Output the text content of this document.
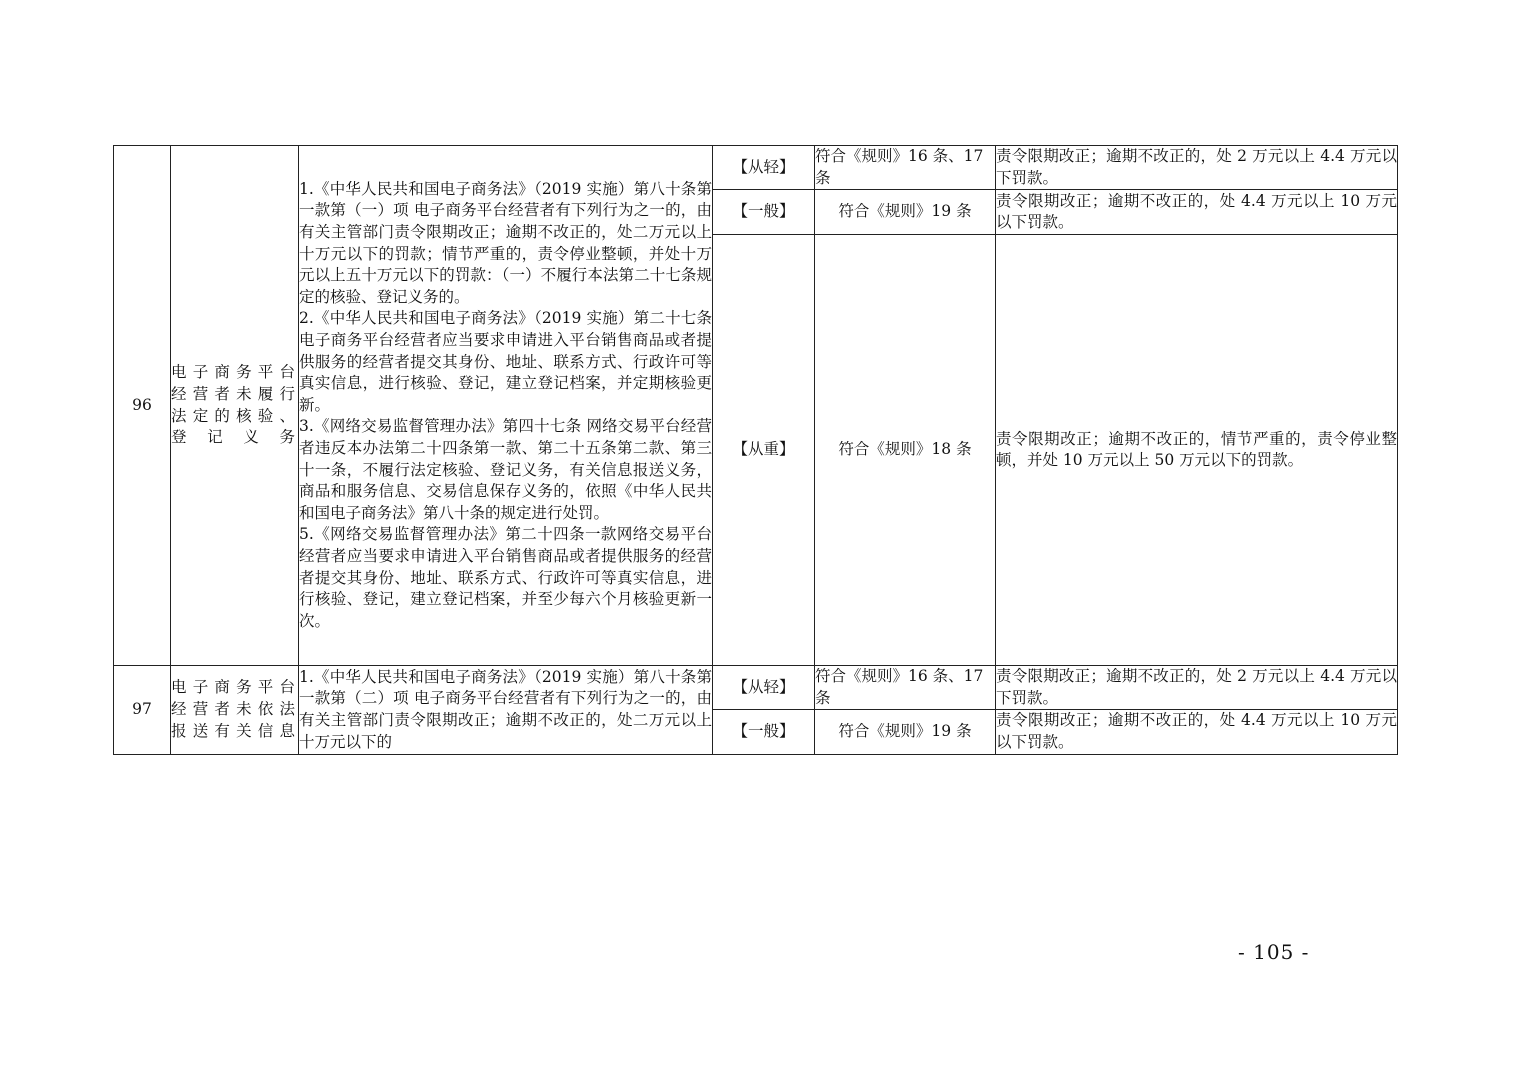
96	电子商务平台经营者未履行法定的核验、登记义务	1.《中华人民共和国电子商务法》（2019 实施）第八十条第一款第（一）项 电子商务平台经营者有下列行为之一的，由有关主管部门责令限期改正；逾期不改正的，处二万元以上十万元以下的罚款；情节严重的，责令停业整顿，并处十万元以上五十万元以下的罚款：（一）不履行本法第二十七条规定的核验、登记义务的。
2.《中华人民共和国电子商务法》（2019 实施）第二十七条 电子商务平台经营者应当要求申请进入平台销售商品或者提供服务的经营者提交其身份、地址、联系方式、行政许可等真实信息，进行核验、登记，建立登记档案，并定期核验更新。
3.《网络交易监督管理办法》第四十七条 网络交易平台经营者违反本办法第二十四条第一款、第二十五条第二款、第三十一条，不履行法定核验、登记义务，有关信息报送义务，商品和服务信息、交易信息保存义务的，依照《中华人民共和国电子商务法》第八十条的规定进行处罚。
5.《网络交易监督管理办法》第二十四条一款网络交易平台经营者应当要求申请进入平台销售商品或者提供服务的经营者提交其身份、地址、联系方式、行政许可等真实信息，进行核验、登记，建立登记档案，并至少每六个月核验更新一次。	【从轻】	符合《规则》16 条、17 条	责令限期改正；逾期不改正的，处 2 万元以上 4.4 万元以下罚款。
			【一般】	符合《规则》19 条	责令限期改正；逾期不改正的，处 4.4 万元以上 10 万元以下罚款。
			【从重】	符合《规则》18 条	责令限期改正；逾期不改正的，情节严重的，责令停业整顿，并处 10 万元以上 50 万元以下的罚款。
97	电子商务平台经营者未依法报送有关信息	1.《中华人民共和国电子商务法》（2019 实施）第八十条第一款第（二）项 电子商务平台经营者有下列行为之一的，由有关主管部门责令限期改正；逾期不改正的，处二万元以上十万元以下的	【从轻】	符合《规则》16 条、17 条	责令限期改正；逾期不改正的，处 2 万元以上 4.4 万元以下罚款。
			【一般】	符合《规则》19 条	责令限期改正；逾期不改正的，处 4.4 万元以上 10 万元以下罚款。
- 105 -
